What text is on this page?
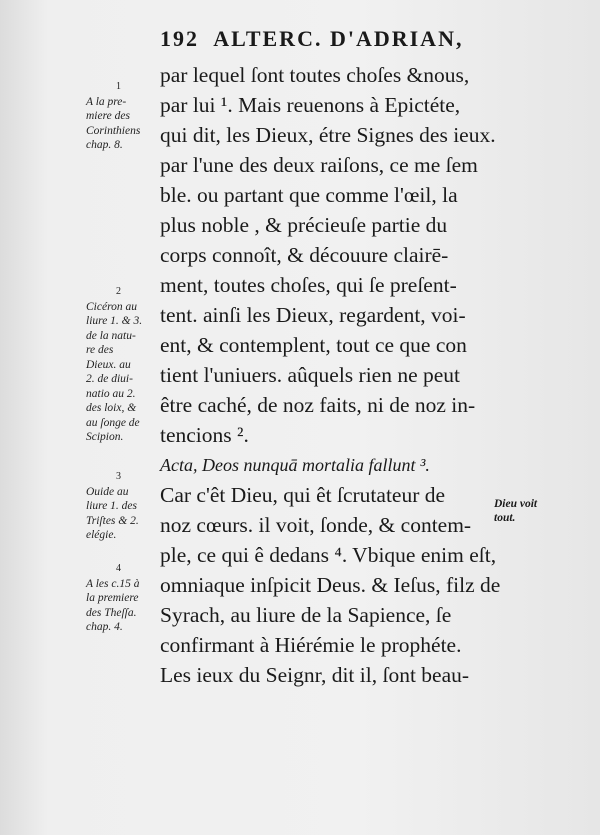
192 ALTERC. D'ADRIAN,
par lequel ſont toutes choſes &nous,
par lui ¹. Mais reuenons à Epictéte,
qui dit, les Dieux, étre Signes des ieux.
par l'une des deux raiſons, ce me ſem
ble. ou partant que comme l'œil, la
plus noble , & précieuſe partie du
corps connoît, & découure clairē-
ment, toutes choſes, qui ſe preſent-
tent. ainſi les Dieux, regardent, voi-
ent, & contemplent, tout ce que con
tient l'uniuers. aûquels rien ne peut
être caché, de noz faits, ni de noz in-
tencions ².
Acta, Deos nunquā mortalia fallunt ³.
Car c'êt Dieu, qui êt ſcrutateur de
noz cœurs. il voit, ſonde, & contem-
ple, ce qui ê dedans ⁴. Vbique enim eſt,
omniaque inſpicit Deus. & Ieſus, filz de
Syrach, au liure de la Sapience, ſe
confirmant à Hiérémie le prophéte.
Les ieux du Seignr, dit il, ſont beau-
1
A la pre-
miere des
Corinthiens
chap. 8.
2
Cicéron au
liure 1. & 3.
de la natu-
re des
Dieux. au
2. de diui-
natio au 2.
des loix, &
au ſonge de
Scipion.
3
Ouide au
liure 1. des
Triſtes & 2.
elégie.
4
A les c.15 à
la premiere
des Theſſa.
chap. 4.
Dieu voit
tout.
